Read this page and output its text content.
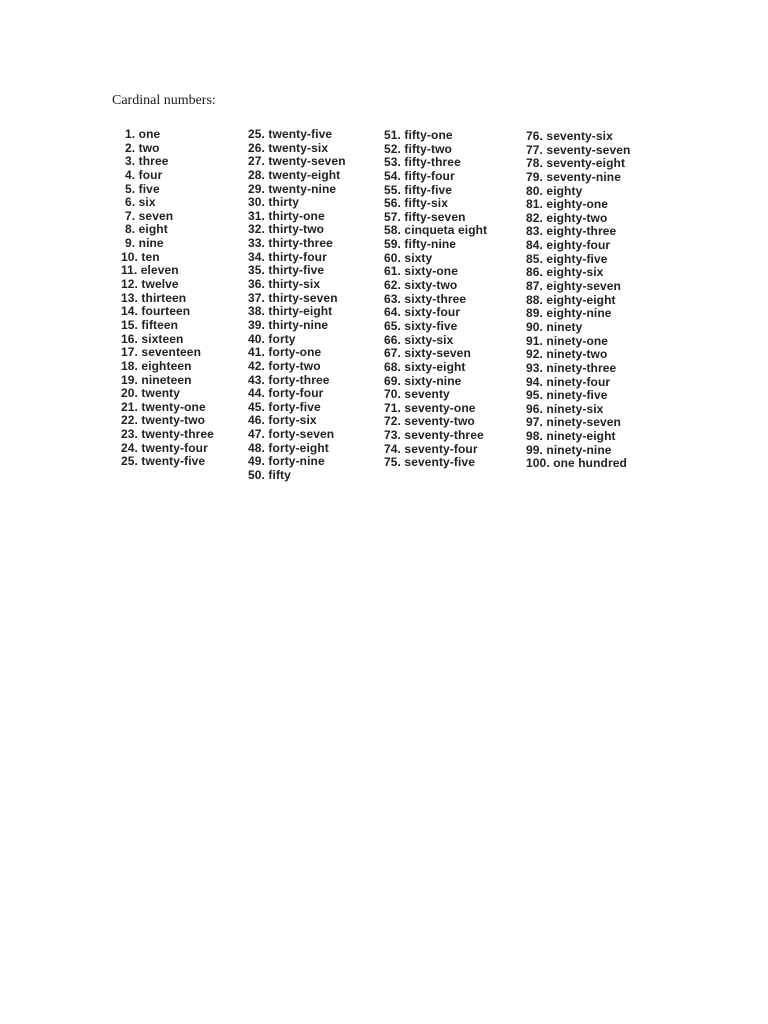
Cardinal numbers:

1. one
2. two
3. three
4. four
5. five
6. six
7. seven
8. eight
9. nine
10. ten
11. eleven
12. twelve
13. thirteen
14. fourteen
15. fifteen
16. sixteen
17. seventeen
18. eighteen
19. nineteen
20. twenty
21. twenty-one
22. twenty-two
23. twenty-three
24. twenty-four
25. twenty-five
25. twenty-five
26. twenty-six
27. twenty-seven
28. twenty-eight
29. twenty-nine
30. thirty
31. thirty-one
32. thirty-two
33. thirty-three
34. thirty-four
35. thirty-five
36. thirty-six
37. thirty-seven
38. thirty-eight
39. thirty-nine
40. forty
41. forty-one
42. forty-two
43. forty-three
44. forty-four
45. forty-five
46. forty-six
47. forty-seven
48. forty-eight
49. forty-nine
50. fifty
51. fifty-one
52. fifty-two
53. fifty-three
54. fifty-four
55. fifty-five
56. fifty-six
57. fifty-seven
58. cinqueta eight
59. fifty-nine
60. sixty
61. sixty-one
62. sixty-two
63. sixty-three
64. sixty-four
65. sixty-five
66. sixty-six
67. sixty-seven
68. sixty-eight
69. sixty-nine
70. seventy
71. seventy-one
72. seventy-two
73. seventy-three
74. seventy-four
75. seventy-five
76. seventy-six
77. seventy-seven
78. seventy-eight
79. seventy-nine
80. eighty
81. eighty-one
82. eighty-two
83. eighty-three
84. eighty-four
85. eighty-five
86. eighty-six
87. eighty-seven
88. eighty-eight
89. eighty-nine
90. ninety
91. ninety-one
92. ninety-two
93. ninety-three
94. ninety-four
95. ninety-five
96. ninety-six
97. ninety-seven
98. ninety-eight
99. ninety-nine
100. one hundred
